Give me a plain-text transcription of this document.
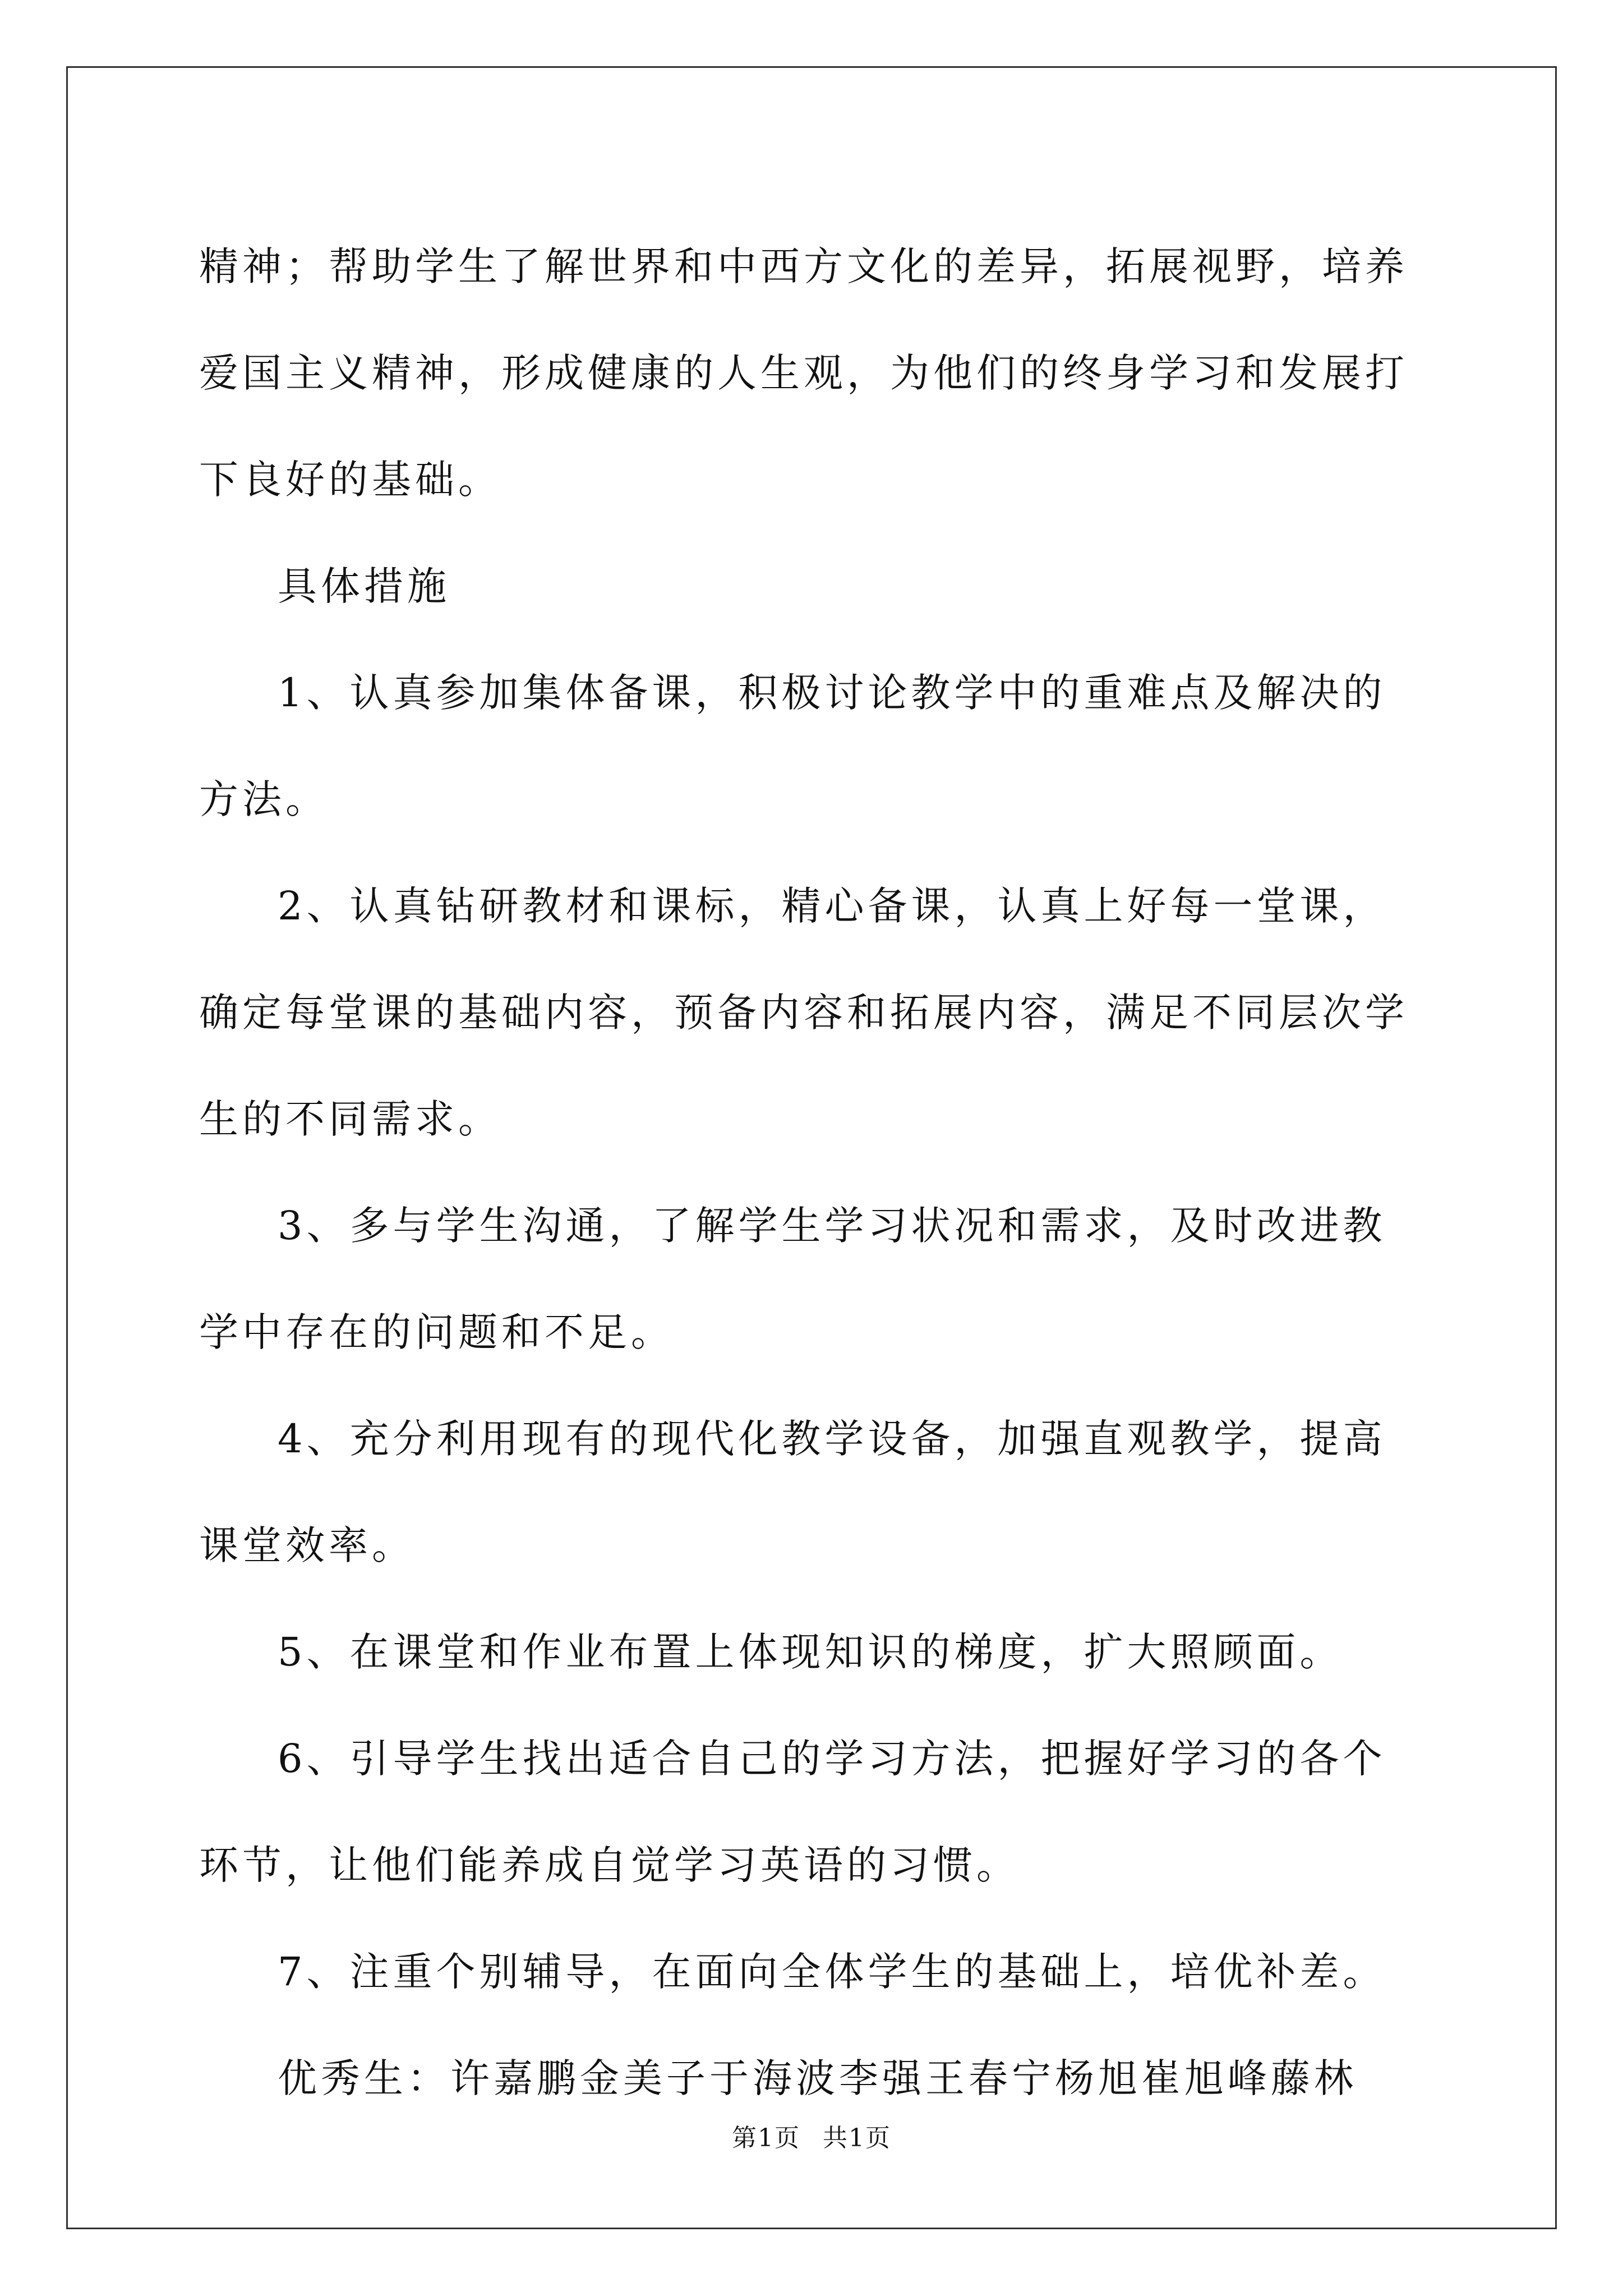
精神；帮助学生了解世界和中西方文化的差异，拓展视野，培养爱国主义精神，形成健康的人生观，为他们的终身学习和发展打下良好的基础。

具体措施

1、认真参加集体备课，积极讨论教学中的重难点及解决的方法。

2、认真钻研教材和课标，精心备课，认真上好每一堂课，确定每堂课的基础内容，预备内容和拓展内容，满足不同层次学生的不同需求。

3、多与学生沟通，了解学生学习状况和需求，及时改进教学中存在的问题和不足。

4、充分利用现有的现代化教学设备，加强直观教学，提高课堂效率。

5、在课堂和作业布置上体现知识的梯度，扩大照顾面。

6、引导学生找出适合自己的学习方法，把握好学习的各个环节，让他们能养成自觉学习英语的习惯。

7、注重个别辅导，在面向全体学生的基础上，培优补差。

优秀生：许嘉鹏金美子于海波李强王春宁杨旭崔旭峰藤林

第1页 共1页
